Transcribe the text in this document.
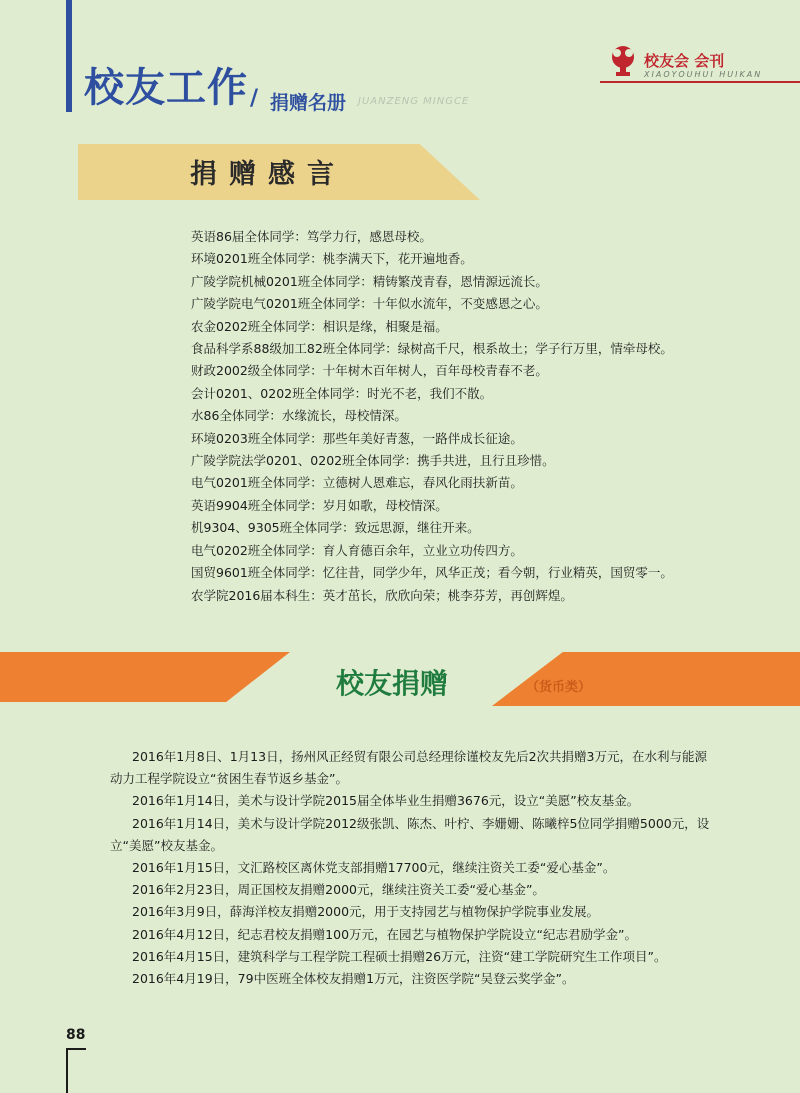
校友工作 / 捐赠名册 JUANZENG MINGCE
校友会 会刊
XIAOYOUHUI HUIKAN
捐赠感言
英语86届全体同学：笃学力行，感恩母校。
环境0201班全体同学：桃李满天下，花开遍地香。
广陵学院机械0201班全体同学：精铸繁茂青春，恩情源远流长。
广陵学院电气0201班全体同学：十年似水流年，不变感恩之心。
农金0202班全体同学：相识是缘，相聚是福。
食品科学系88级加工82班全体同学：绿树高千尺，根系故土；学子行万里，情牵母校。
财政2002级全体同学：十年树木百年树人，百年母校青春不老。
会计0201、0202班全体同学：时光不老，我们不散。
水86全体同学：水缘流长，母校情深。
环境0203班全体同学：那些年美好青葱，一路伴成长征途。
广陵学院法学0201、0202班全体同学：携手共进，且行且珍惜。
电气0201班全体同学：立德树人恩难忘，春风化雨扶新苗。
英语9904班全体同学：岁月如歌，母校情深。
机9304、9305班全体同学：致远思源，继往开来。
电气0202班全体同学：育人育德百余年，立业立功传四方。
国贸9601班全体同学：忆往昔，同学少年，风华正茂；看今朝，行业精英，国贸零一。
农学院2016届本科生：英才茁长，欣欣向荣；桃李芬芳，再创辉煌。
校友捐赠	（货币类）
2016年1月8日、1月13日，扬州风正经贸有限公司总经理徐谨校友先后2次共捐赠3万元，在水利与能源动力工程学院设立“贫困生春节返乡基金”。
2016年1月14日，美术与设计学院2015届全体毕业生捐赠3676元，设立“美愿”校友基金。
2016年1月14日，美术与设计学院2012级张凯、陈杰、叶柠、李姗姗、陈曦梓5位同学捐赠5000元，设立“美愿”校友基金。
2016年1月15日，文汇路校区离休党支部捐赠17700元，继续注资关工委“爱心基金”。
2016年2月23日，周正国校友捐赠2000元，继续注资关工委“爱心基金”。
2016年3月9日，薛海洋校友捐赠2000元，用于支持园艺与植物保护学院事业发展。
2016年4月12日，纪志君校友捐赠100万元，在园艺与植物保护学院设立“纪志君励学金”。
2016年4月15日，建筑科学与工程学院工程硕士捐赠26万元，注资“建工学院研究生工作项目”。
2016年4月19日，79中医班全体校友捐赠1万元，注资医学院“吴登云奖学金”。
88
